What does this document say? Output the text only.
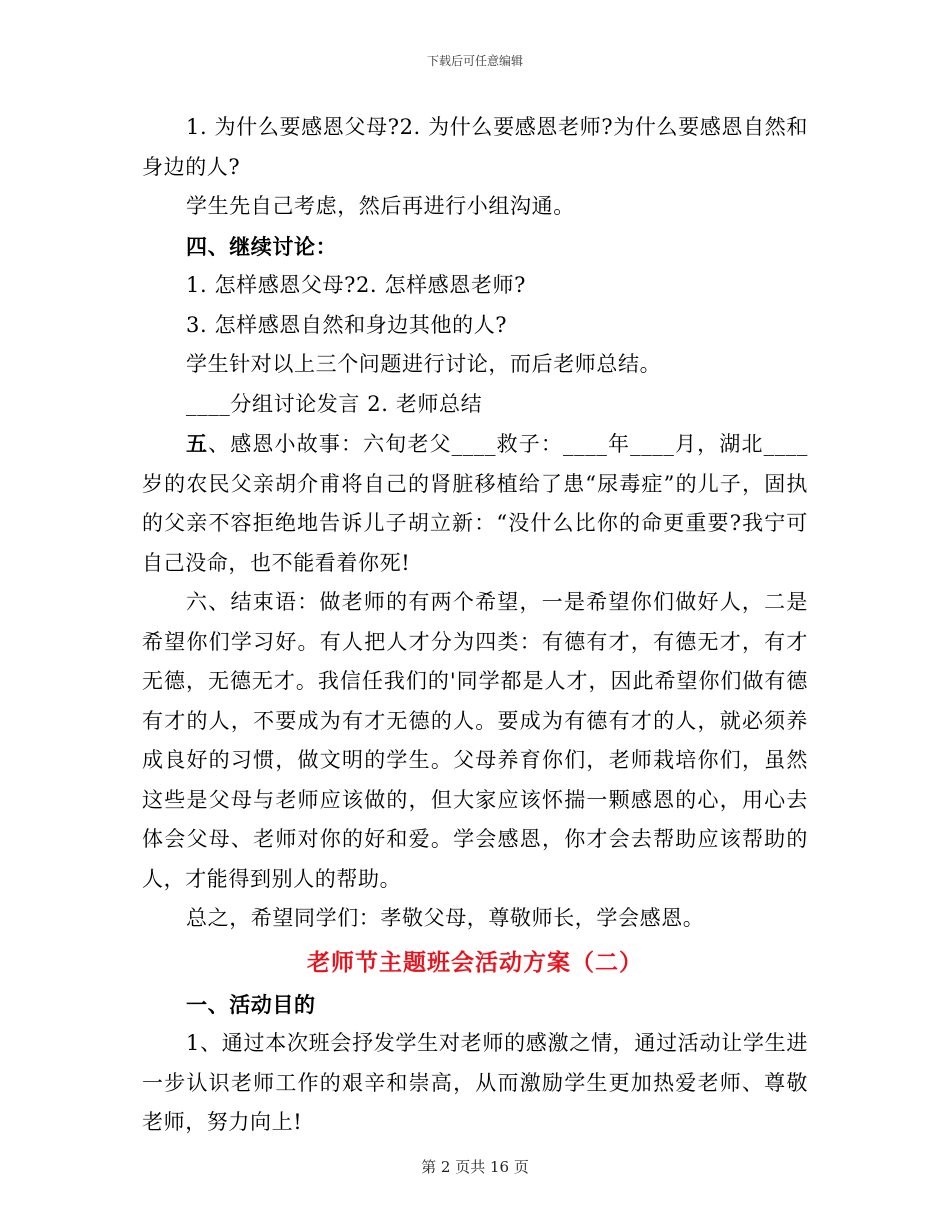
下载后可任意编辑

1. 为什么要感恩父母?2. 为什么要感恩老师?为什么要感恩自然和身边的人?

学生先自己考虑，然后再进行小组沟通。

四、继续讨论：

1. 怎样感恩父母?2. 怎样感恩老师?

3. 怎样感恩自然和身边其他的人?

学生针对以上三个问题进行讨论，而后老师总结。

____分组讨论发言 2. 老师总结

五、感恩小故事：六旬老父____救子：____年____月，湖北____岁的农民父亲胡介甫将自己的肾脏移植给了患“尿毒症”的儿子，固执的父亲不容拒绝地告诉儿子胡立新：“没什么比你的命更重要?我宁可自己没命，也不能看着你死!

六、结束语：做老师的有两个希望，一是希望你们做好人，二是希望你们学习好。有人把人才分为四类：有德有才，有德无才，有才无德，无德无才。我信任我们的'同学都是人才，因此希望你们做有德有才的人，不要成为有才无德的人。要成为有德有才的人，就必须养成良好的习惯，做文明的学生。父母养育你们，老师栽培你们，虽然这些是父母与老师应该做的，但大家应该怀揣一颗感恩的心，用心去体会父母、老师对你的好和爱。学会感恩，你才会去帮助应该帮助的人，才能得到别人的帮助。

总之，希望同学们：孝敬父母，尊敬师长，学会感恩。

老师节主题班会活动方案（二）

一、活动目的

1、通过本次班会抒发学生对老师的感激之情，通过活动让学生进一步认识老师工作的艰辛和崇高，从而激励学生更加热爱老师、尊敬老师，努力向上!

第 2 页共 16 页
